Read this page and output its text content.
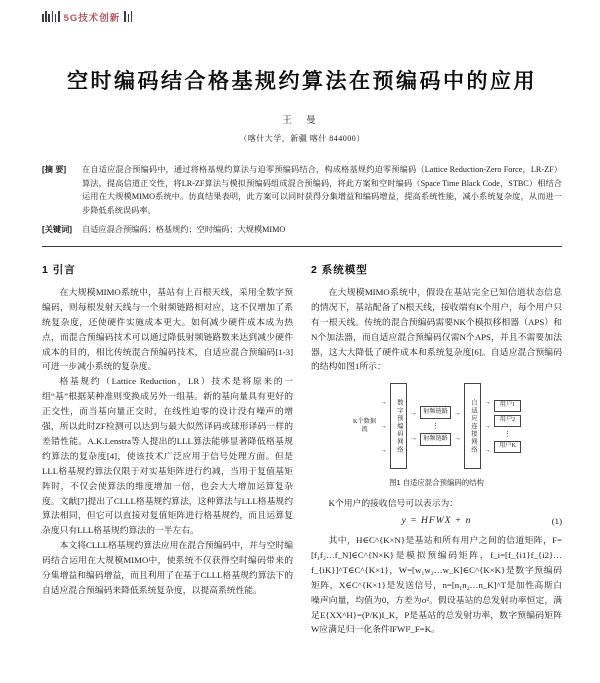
5G技术创新
空时编码结合格基规约算法在预编码中的应用
王 曼
（喀什大学，新疆 喀什 844000）
[摘 要]	在自适应混合预编码中，通过将格基规约算法与迫零预编码结合，构成格基规约迫零预编码（Lattice Reduction-Zero Force，LR-ZF）算法，提高信道正交性，将LR-ZF算法与模拟预编码组成混合预编码，将此方案和空时编码（Space Time Black Code，STBC）相结合运用在大规模MIMO系统中。仿真结果表明，此方案可以同时获得分集增益和编码增益，提高系统性能，减小系统复杂度，从而进一步降低系统误码率。
[关键词]	自适应混合预编码；格基规约；空时编码；大规模MIMO
1 引言

在大规模MIMO系统中，基站有上百根天线，采用全数字预编码，则每根发射天线与一个射频链路相对应，这不仅增加了系统复杂度，还使硬件实施成本更大。如何减少硬件成本成为热点，而混合预编码技术可以通过降低射频链路数来达到减少硬件成本的目的，相比传统混合预编码技术，自适应混合预编码[1-3]可进一步减小系统的复杂度。

格基规约（Lattice Reduction，LR）技术是将原来的一组“基”根据某种准则变换成另外一组基。新的基向量具有更好的正交性，而当基向量正交时，在线性迫零的设计没有噪声的增强，所以此时ZF检测可以达到与最大似然译码或球形译码一样的差错性能。A.K.Lenstra等人提出的LLL算法能够显著降低格基规约算法的复杂度[4]，使该技术广泛应用于信号处理方面。但是LLL格基规约算法仅限于对实基矩阵进行约减，当用于复值基矩阵时，不仅会使算法的维度增加一倍，也会大大增加运算复杂度。文献[7]提出了CLLL格基规约算法，这种算法与LLL格基规约算法相同，但它可以直接对复值矩阵进行格基规约，而且运算复杂度只有LLL格基规约算法的一半左右。

本文将CLLL格基规约算法应用在混合预编码中，并与空时编码结合运用在大规模MIMO中，使系统不仅获得空时编码带来的分集增益和编码增益，而且利用了在基于CLLL格基规约算法下的自适应混合预编码来降低系统复杂度，以提高系统性能。

2 系统模型

在大规模MIMO系统中，假设在基站完全已知信道状态信息的情况下，基站配备了N根天线，接收端有K个用户，每个用户只有一根天线。传统的混合预编码需要NK个模拟移相器（APS）和N个加法器，而自适应混合预编码仅需N个APS，并且不需要加法器，这大大降低了硬件成本和系统复杂度[6]。自适应混合预编码的结构如图1所示：

K个数据流
→
→
→	数字预编码网络	→
→
射频链路
⋮
射频链路
→
→	自适应连接网络	→
→
→
用户1
用户2
⋮
用户K
图1 自适应混合预编码的结构

K个用户的接收信号可以表示为：

y = HFWX + n	(1)

其中，H∈C^{K×N}是基站和所有用户之间的信道矩阵，F=[f₁f₂…f_N]∈C^{N×K}是模拟预编码矩阵，f_i=[f_{i1}f_{i2}…f_{iK}]^T∈C^{K×1}，W=[w₁w₂…w_K]∈C^{K×K}是数字预编码矩阵，X∈C^{K×1}是发送信号，n=[n₁n₂…n_K]^T是加性高斯白噪声向量，均值为0，方差为σ²。假设基站的总发射功率恒定，满足E{XX^H}=(P/K)I_K，P是基站的总发射功率，数字预编码矩阵W应满足归一化条件‖FW‖²_F=K。
